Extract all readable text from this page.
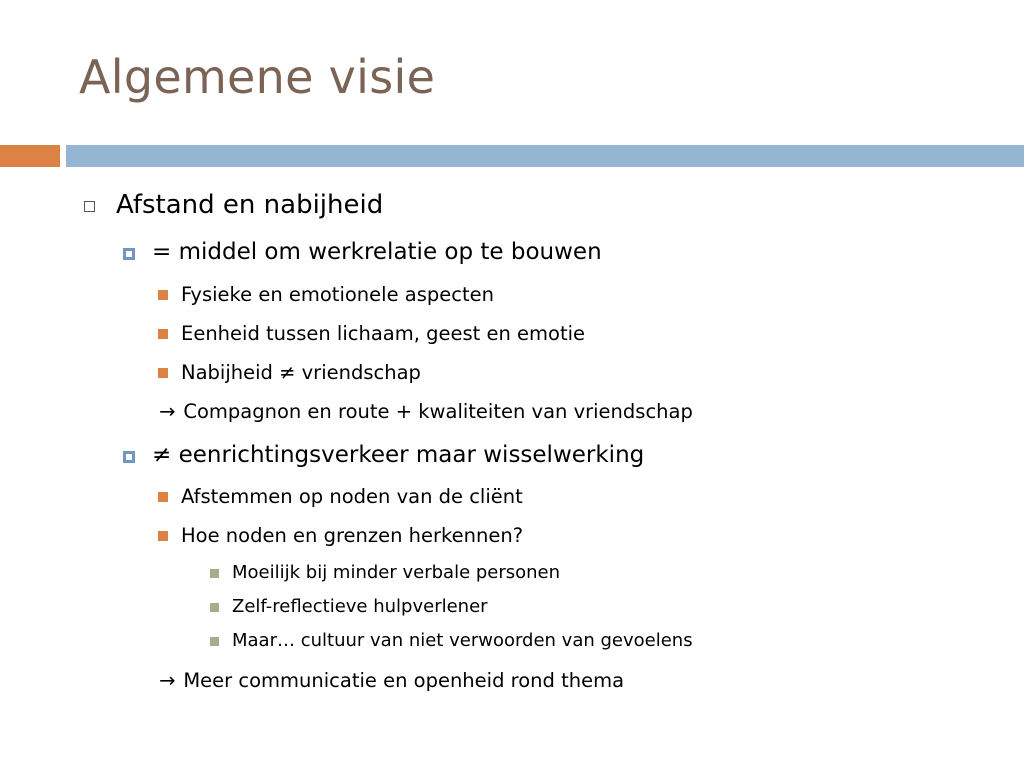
Algemene visie
Afstand en nabijheid
= middel om werkrelatie op te bouwen
Fysieke en emotionele aspecten
Eenheid tussen lichaam, geest en emotie
Nabijheid ≠ vriendschap
→ Compagnon en route + kwaliteiten van vriendschap
≠ eenrichtingsverkeer maar wisselwerking
Afstemmen op noden van de cliënt
Hoe noden en grenzen herkennen?
Moeilijk bij minder verbale personen
Zelf-reflectieve hulpverlener
Maar… cultuur van niet verwoorden van gevoelens
→ Meer communicatie en openheid rond thema
